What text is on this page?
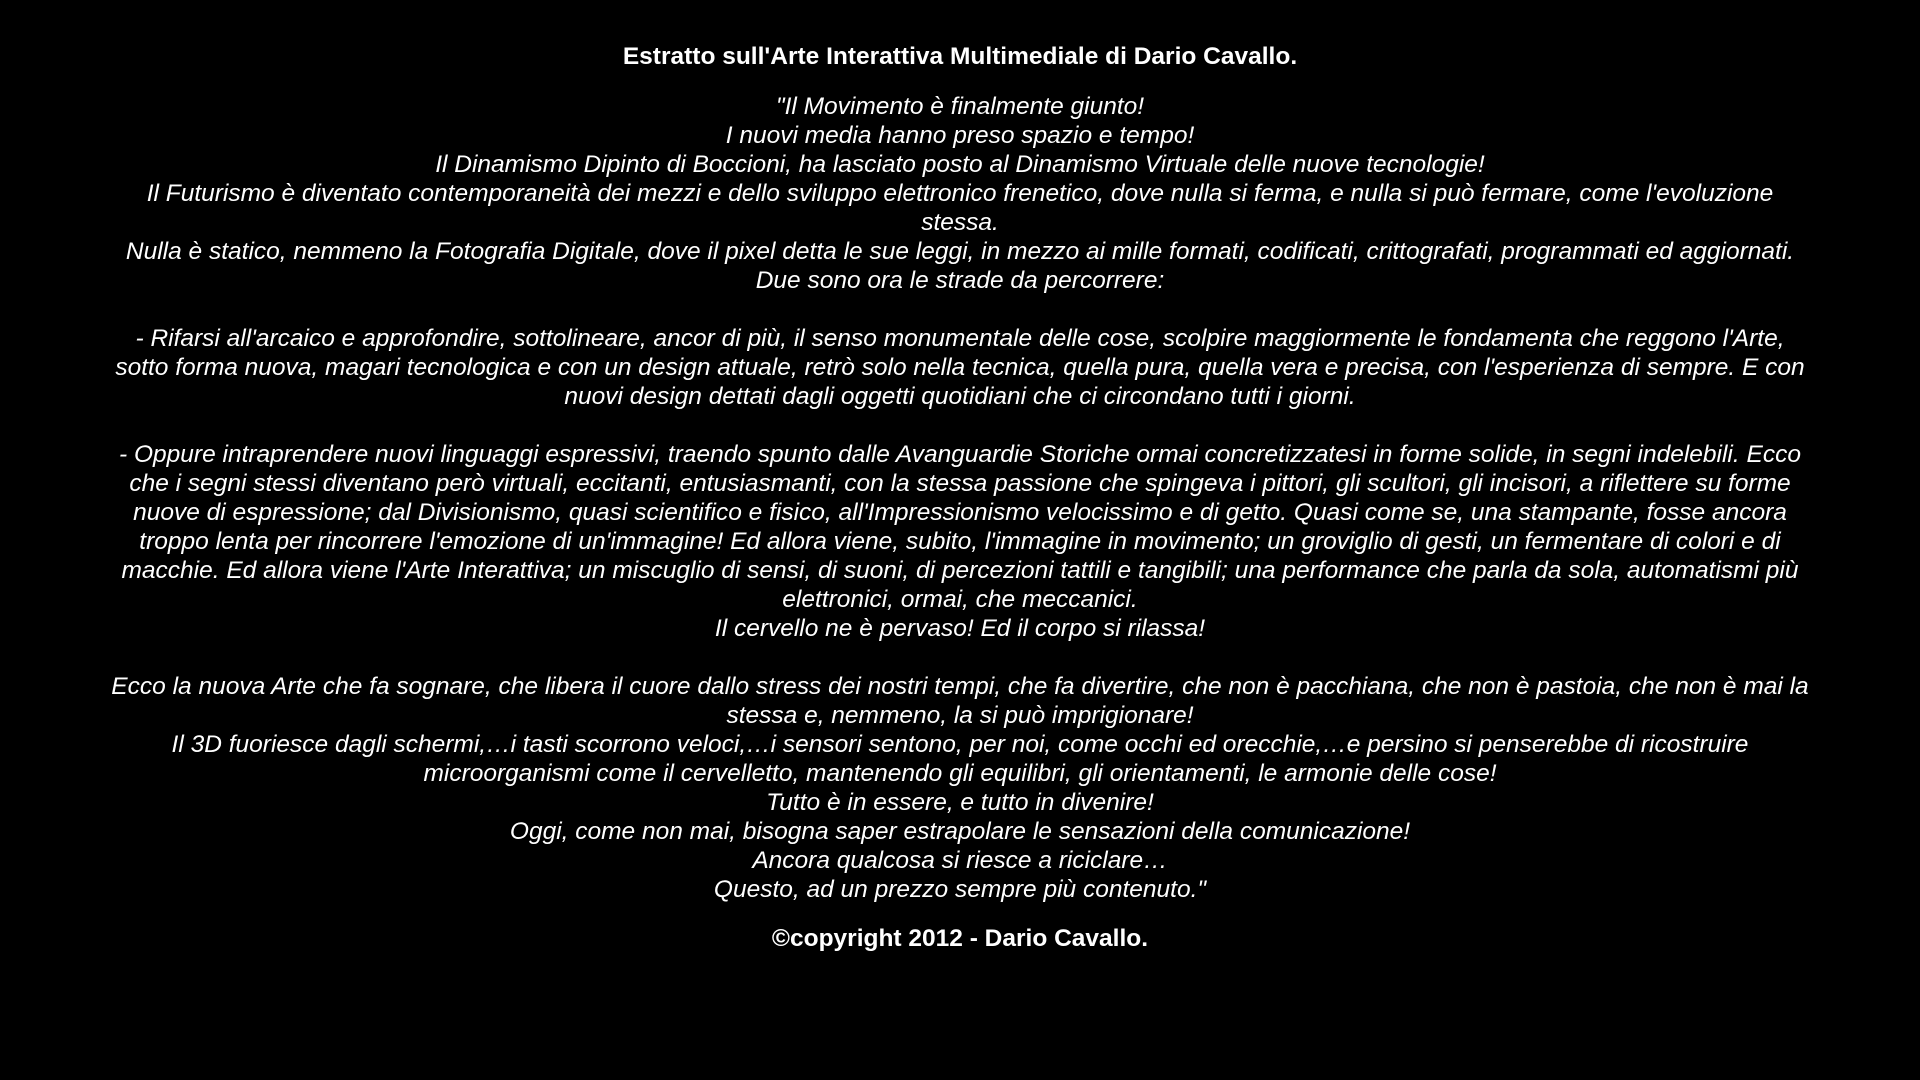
Estratto sull'Arte Interattiva Multimediale di Dario Cavallo.
"Il Movimento è finalmente giunto!
I nuovi media hanno preso spazio e tempo!
Il Dinamismo Dipinto di Boccioni, ha lasciato posto al Dinamismo Virtuale delle nuove tecnologie!
Il Futurismo è diventato contemporaneità dei mezzi e dello sviluppo elettronico frenetico, dove nulla si ferma, e nulla si può fermare, come l'evoluzione stessa.
Nulla è statico, nemmeno la Fotografia Digitale, dove il pixel detta le sue leggi, in mezzo ai mille formati, codificati, crittografati, programmati ed aggiornati.
Due sono ora le strade da percorrere:
- Rifarsi all'arcaico e approfondire, sottolineare, ancor di più, il senso monumentale delle cose, scolpire maggiormente le fondamenta che reggono l'Arte, sotto forma nuova, magari tecnologica e con un design attuale, retrò solo nella tecnica, quella pura, quella vera e precisa, con l'esperienza di sempre. E con nuovi design dettati dagli oggetti quotidiani che ci circondano tutti i giorni.
- Oppure intraprendere nuovi linguaggi espressivi, traendo spunto dalle Avanguardie Storiche ormai concretizzatesi in forme solide, in segni indelebili. Ecco che i segni stessi diventano però virtuali, eccitanti, entusiasmanti, con la stessa passione che spingeva i pittori, gli scultori, gli incisori, a riflettere su forme nuove di espressione; dal Divisionismo, quasi scientifico e fisico, all'Impressionismo velocissimo e di getto. Quasi come se, una stampante, fosse ancora troppo lenta per rincorrere l'emozione di un'immagine! Ed allora viene, subito, l'immagine in movimento; un groviglio di gesti, un fermentare di colori e di macchie. Ed allora viene l'Arte Interattiva; un miscuglio di sensi, di suoni, di percezioni tattili e tangibili; una performance che parla da sola, automatismi più elettronici, ormai, che meccanici.
Il cervello ne è pervaso! Ed il corpo si rilassa!
Ecco la nuova Arte che fa sognare, che libera il cuore dallo stress dei nostri tempi, che fa divertire, che non è pacchiana, che non è pastoia, che non è mai la stessa e, nemmeno, la si può imprigionare!
Il 3D fuoriesce dagli schermi,…i tasti scorrono veloci,…i sensori sentono, per noi, come occhi ed orecchie,…e persino si penserebbe di ricostruire microorganismi come il cervelletto, mantenendo gli equilibri, gli orientamenti, le armonie delle cose!
Tutto è in essere, e tutto in divenire!
Oggi, come non mai, bisogna saper estrapolare le sensazioni della comunicazione!
Ancora qualcosa si riesce a riciclare…
Questo, ad un prezzo sempre più contenuto."
©copyright 2012 - Dario Cavallo.
